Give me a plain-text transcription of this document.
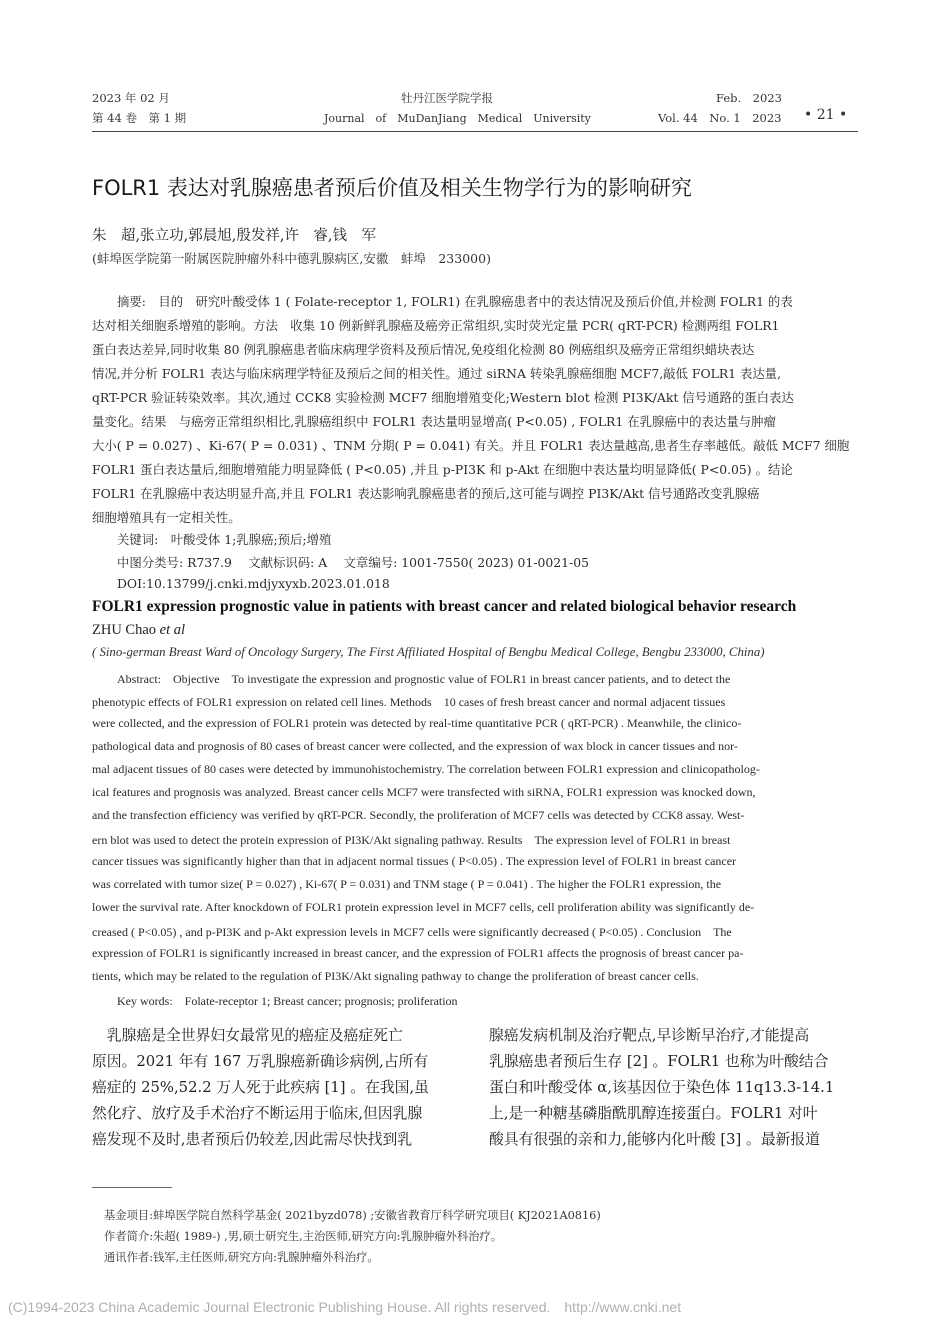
2023 年 02 月
第 44 卷　第 1 期
牡丹江医学院学报
Journal　of　MuDanJiang　Medical　University
Feb.　2023
Vol. 44　No. 1　2023 • 21 •
FOLR1 表达对乳腺癌患者预后价值及相关生物学行为的影响研究
朱　超,张立功,郭晨旭,殷发祥,许　睿,钱　军
(蚌埠医学院第一附属医院肿瘤外科中德乳腺病区,安徽　蚌埠　233000)
摘要:　目的　研究叶酸受体 1 ( Folate-receptor 1, FOLR1) 在乳腺癌患者中的表达情况及预后价值,并检测 FOLR1 的表
达对相关细胞系增殖的影响。方法　收集 10 例新鲜乳腺癌及癌旁正常组织,实时荧光定量 PCR( qRT-PCR) 检测两组 FOLR1
蛋白表达差异,同时收集 80 例乳腺癌患者临床病理学资料及预后情况,免疫组化检测 80 例癌组织及癌旁正常组织蜡块表达
情况,并分析 FOLR1 表达与临床病理学特征及预后之间的相关性。通过 siRNA 转染乳腺癌细胞 MCF7,敲低 FOLR1 表达量,
qRT-PCR 验证转染效率。其次,通过 CCK8 实验检测 MCF7 细胞增殖变化;Western blot 检测 PI3K/Akt 信号通路的蛋白表达
量变化。结果　与癌旁正常组织相比,乳腺癌组织中 FOLR1 表达量明显增高( P<0.05) , FOLR1 在乳腺癌中的表达量与肿瘤
大小( P = 0.027) 、Ki-67( P = 0.031) 、TNM 分期( P = 0.041) 有关。并且 FOLR1 表达量越高,患者生存率越低。敲低 MCF7 细胞
FOLR1 蛋白表达量后,细胞增殖能力明显降低 ( P<0.05) ,并且 p-PI3K 和 p-Akt 在细胞中表达量均明显降低( P<0.05) 。结论
FOLR1 在乳腺癌中表达明显升高,并且 FOLR1 表达影响乳腺癌患者的预后,这可能与调控 PI3K/Akt 信号通路改变乳腺癌
细胞增殖具有一定相关性。
关键词:　叶酸受体 1;乳腺癌;预后;增殖
中图分类号: R737.9　 文献标识码: A　 文章编号: 1001-7550( 2023) 01-0021-05
DOI:10.13799/j.cnki.mdjyxyxb.2023.01.018
FOLR1 expression prognostic value in patients with breast cancer and related biological behavior research
ZHU Chao et al
( Sino-german Breast Ward of Oncology Surgery, The First Affiliated Hospital of Bengbu Medical College, Bengbu 233000, China)
Abstract:　Objective　To investigate the expression and prognostic value of FOLR1 in breast cancer patients, and to detect the
phenotypic effects of FOLR1 expression on related cell lines. Methods　10 cases of fresh breast cancer and normal adjacent tissues
were collected, and the expression of FOLR1 protein was detected by real-time quantitative PCR ( qRT-PCR) . Meanwhile, the clinico-
pathological data and prognosis of 80 cases of breast cancer were collected, and the expression of wax block in cancer tissues and nor-
mal adjacent tissues of 80 cases were detected by immunohistochemistry. The correlation between FOLR1 expression and clinicopatholog-
ical features and prognosis was analyzed. Breast cancer cells MCF7 were transfected with siRNA, FOLR1 expression was knocked down,
and the transfection efficiency was verified by qRT-PCR. Secondly, the proliferation of MCF7 cells was detected by CCK8 assay. West-
ern blot was used to detect the protein expression of PI3K/Akt signaling pathway. Results　The expression level of FOLR1 in breast
cancer tissues was significantly higher than that in adjacent normal tissues ( P<0.05) . The expression level of FOLR1 in breast cancer
was correlated with tumor size( P = 0.027) , Ki-67( P = 0.031) and TNM stage ( P = 0.041) . The higher the FOLR1 expression, the
lower the survival rate. After knockdown of FOLR1 protein expression level in MCF7 cells, cell proliferation ability was significantly de-
creased ( P<0.05) , and p-PI3K and p-Akt expression levels in MCF7 cells were significantly decreased ( P<0.05) . Conclusion　The
expression of FOLR1 is significantly increased in breast cancer, and the expression of FOLR1 affects the prognosis of breast cancer pa-
tients, which may be related to the regulation of PI3K/Akt signaling pathway to change the proliferation of breast cancer cells.
Key words:　Folate-receptor 1; Breast cancer; prognosis; proliferation
　乳腺癌是全世界妇女最常见的癌症及癌症死亡
原因。2021 年有 167 万乳腺癌新确诊病例,占所有
癌症的 25%,52.2 万人死于此疾病 [1] 。在我国,虽
然化疗、放疗及手术治疗不断运用于临床,但因乳腺
癌发现不及时,患者预后仍较差,因此需尽快找到乳
腺癌发病机制及治疗靶点,早诊断早治疗,才能提高
乳腺癌患者预后生存 [2] 。FOLR1 也称为叶酸结合
蛋白和叶酸受体 α,该基因位于染色体 11q13.3-14.1
上,是一种糖基磷脂酰肌醇连接蛋白。FOLR1 对叶
酸具有很强的亲和力,能够内化叶酸 [3] 。最新报道
基金项目:蚌埠医学院自然科学基金( 2021byzd078) ;安徽省教育厅科学研究项目( KJ2021A0816)
作者简介:朱超( 1989-) ,男,硕士研究生,主治医师,研究方向:乳腺肿瘤外科治疗。
通讯作者:钱军,主任医师,研究方向:乳腺肿瘤外科治疗。
(C)1994-2023 China Academic Journal Electronic Publishing House. All rights reserved.　http://www.cnki.net
